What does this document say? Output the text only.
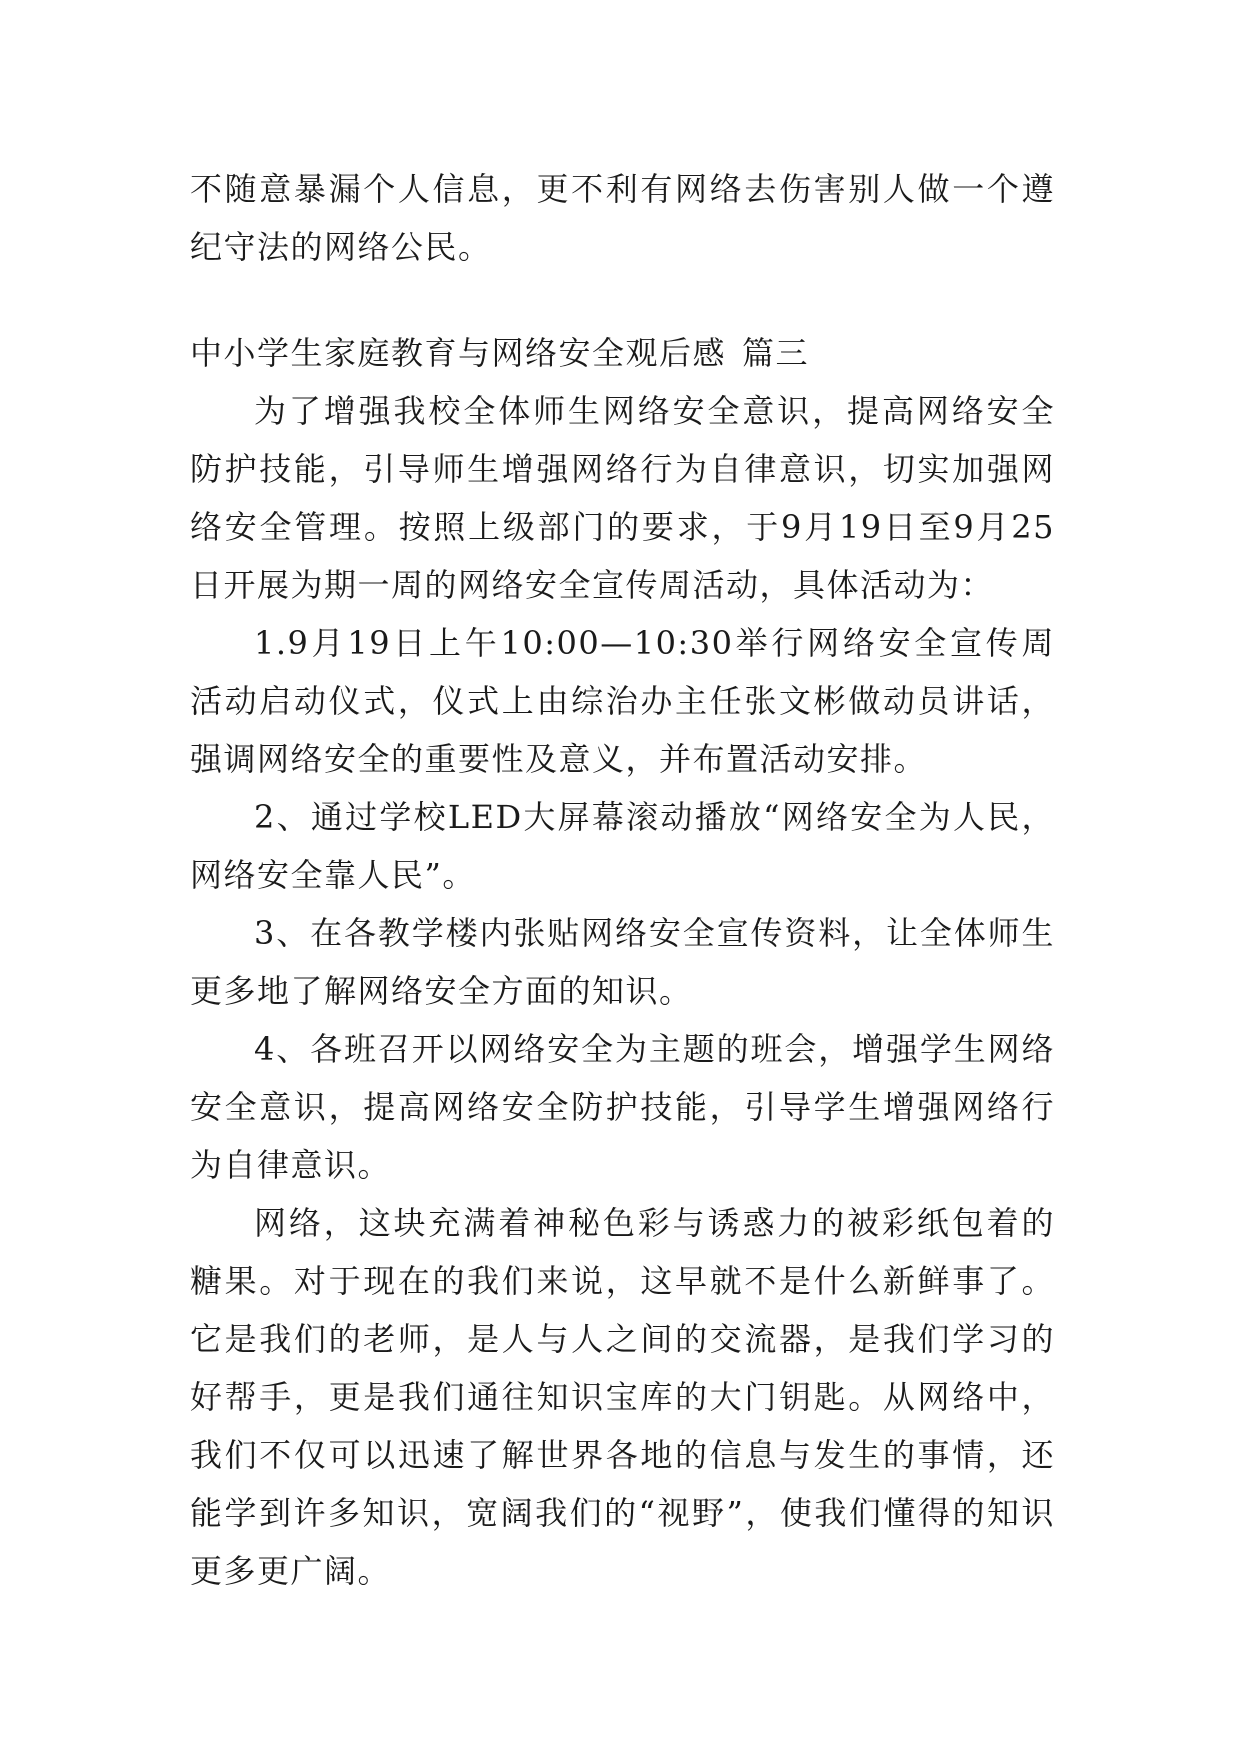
不随意暴漏个人信息，更不利有网络去伤害别人做一个遵纪守法的网络公民。

中小学生家庭教育与网络安全观后感 篇三

为了增强我校全体师生网络安全意识，提高网络安全防护技能，引导师生增强网络行为自律意识，切实加强网络安全管理。按照上级部门的要求，于9月19日至9月25日开展为期一周的网络安全宣传周活动，具体活动为：

1.9月19日上午10:00—10:30举行网络安全宣传周活动启动仪式，仪式上由综治办主任张文彬做动员讲话，强调网络安全的重要性及意义，并布置活动安排。

2、通过学校LED大屏幕滚动播放“网络安全为人民，网络安全靠人民”。

3、在各教学楼内张贴网络安全宣传资料，让全体师生更多地了解网络安全方面的知识。

4、各班召开以网络安全为主题的班会，增强学生网络安全意识，提高网络安全防护技能，引导学生增强网络行为自律意识。

网络，这块充满着神秘色彩与诱惑力的被彩纸包着的糖果。对于现在的我们来说，这早就不是什么新鲜事了。它是我们的老师，是人与人之间的交流器，是我们学习的好帮手，更是我们通往知识宝库的大门钥匙。从网络中，我们不仅可以迅速了解世界各地的信息与发生的事情，还能学到许多知识，宽阔我们的“视野”，使我们懂得的知识更多更广阔。
